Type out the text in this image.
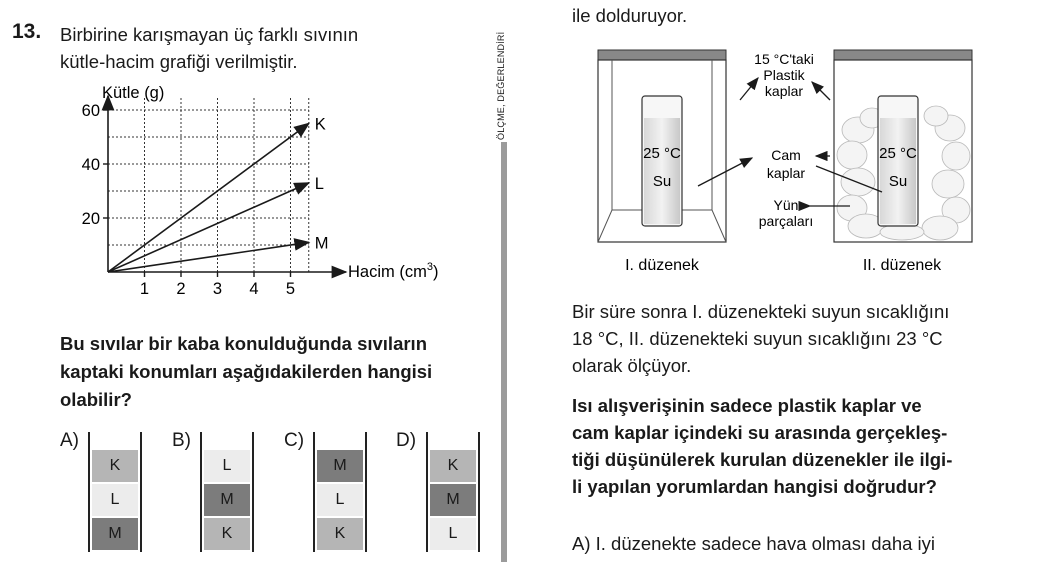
13. Birbirine karışmayan üç farklı sıvının
kütle-hacim grafiği verilmiştir.
Kütle (g)
Hacim $(cm^3)$
1 2 3 4 5
20
40
60
K
L
M
Bu sıvılar bir kaba konulduğunda sıvıların
kaptaki konumları aşağıdakilerden hangisi
olabilir?
A)
K
L
M
B)
L
M
K
C)
M
L
K
D)
K
M
L
ÖLÇME, DEĞERLENDİRİ
ile dolduruyor.
25 °C
Su
25 °C
Su
15 °C'taki
Plastik
kaplar
Cam
kaplar
Yün
parçaları
I. düzenek	II. düzenek
Bir süre sonra I. düzenekteki suyun sıcaklığını
18 °C, II. düzenekteki suyun sıcaklığını 23 °C
olarak ölçüyor.
Isı alışverişinin sadece plastik kaplar ve
cam kaplar içindeki su arasında gerçekleş-
tiği düşünülerek kurulan düzenekler ile ilgi-
li yapılan yorumlardan hangisi doğrudur?
A) I. düzenekte sadece hava olması daha iyi
